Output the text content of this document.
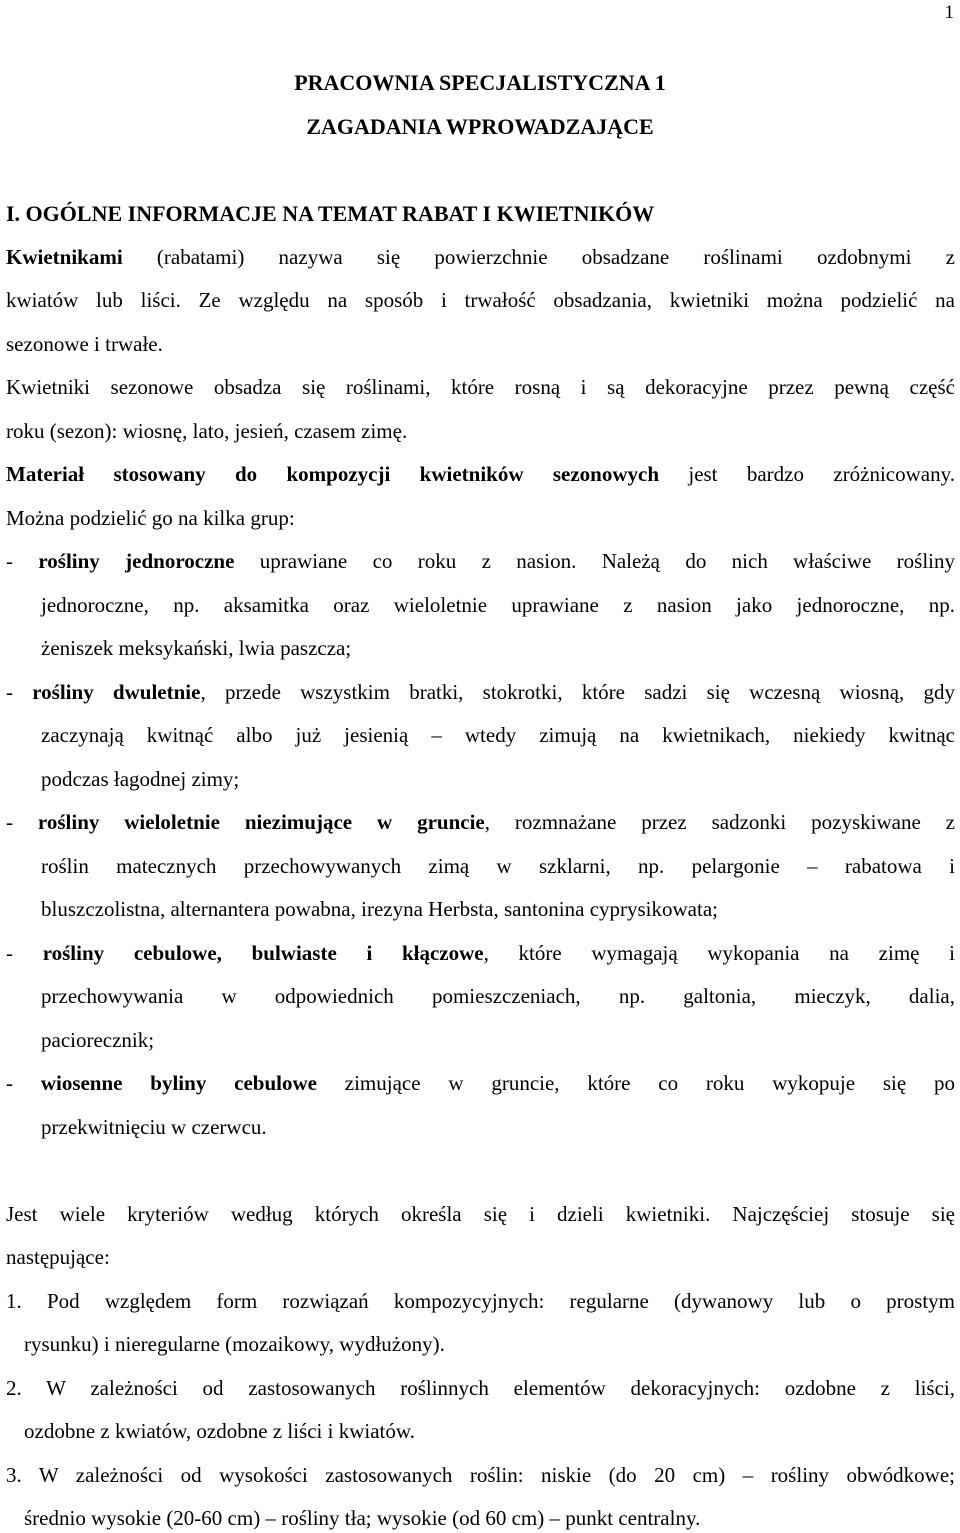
1
PRACOWNIA SPECJALISTYCZNA 1
ZAGADANIA WPROWADZAJĄCE
I. OGÓLNE INFORMACJE NA TEMAT RABAT I KWIETNIKÓW
Kwietnikami (rabatami) nazywa się powierzchnie obsadzane roślinami ozdobnymi z
kwiatów lub liści. Ze względu na sposób i trwałość obsadzania, kwietniki można podzielić na
sezonowe i trwałe.
Kwietniki sezonowe obsadza się roślinami, które rosną i są dekoracyjne przez pewną część
roku (sezon): wiosnę, lato, jesień, czasem zimę.
Materiał stosowany do kompozycji kwietników sezonowych jest bardzo zróżnicowany.
Można podzielić go na kilka grup:
- rośliny jednoroczne uprawiane co roku z nasion. Należą do nich właściwe rośliny
jednoroczne, np. aksamitka oraz wieloletnie uprawiane z nasion jako jednoroczne, np.
żeniszek meksykański, lwia paszcza;
- rośliny dwuletnie, przede wszystkim bratki, stokrotki, które sadzi się wczesną wiosną, gdy
zaczynają kwitnąć albo już jesienią – wtedy zimują na kwietnikach, niekiedy kwitnąc
podczas łagodnej zimy;
- rośliny wieloletnie niezimujące w gruncie, rozmnażane przez sadzonki pozyskiwane z
roślin matecznych przechowywanych zimą w szklarni, np. pelargonie – rabatowa i
bluszczolistna, alternantera powabna, irezyna Herbsta, santonina cyprysikowata;
- rośliny cebulowe, bulwiaste i kłączowe, które wymagają wykopania na zimę i
przechowywania w odpowiednich pomieszczeniach, np. galtonia, mieczyk, dalia,
paciorecznik;
- wiosenne byliny cebulowe zimujące w gruncie, które co roku wykopuje się po
przekwitnięciu w czerwcu.
Jest wiele kryteriów według których określa się i dzieli kwietniki. Najczęściej stosuje się
następujące:
1. Pod względem form rozwiązań kompozycyjnych: regularne (dywanowy lub o prostym
rysunku) i nieregularne (mozaikowy, wydłużony).
2. W zależności od zastosowanych roślinnych elementów dekoracyjnych: ozdobne z liści,
ozdobne z kwiatów, ozdobne z liści i kwiatów.
3. W zależności od wysokości zastosowanych roślin: niskie (do 20 cm) – rośliny obwódkowe;
średnio wysokie (20-60 cm) – rośliny tła; wysokie (od 60 cm) – punkt centralny.
